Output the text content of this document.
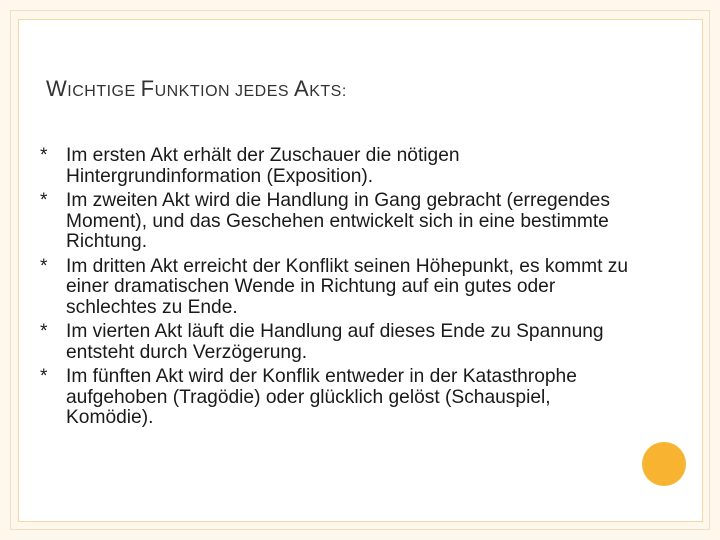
WICHTIGE FUNKTION JEDES AKTS:
* Im ersten Akt erhält der Zuschauer die nötigen Hintergrundinformation (Exposition).
* Im zweiten Akt wird die Handlung in Gang gebracht (erregendes Moment), und das Geschehen entwickelt sich in eine bestimmte Richtung.
* Im dritten Akt erreicht der Konflikt seinen Höhepunkt, es kommt zu einer dramatischen Wende in Richtung auf ein gutes oder schlechtes zu Ende.
* Im vierten Akt läuft die Handlung auf dieses Ende zu Spannung entsteht durch Verzögerung.
* Im fünften Akt wird der Konflik entweder in der Katasthrophe aufgehoben (Tragödie) oder glücklich gelöst (Schauspiel, Komödie).
